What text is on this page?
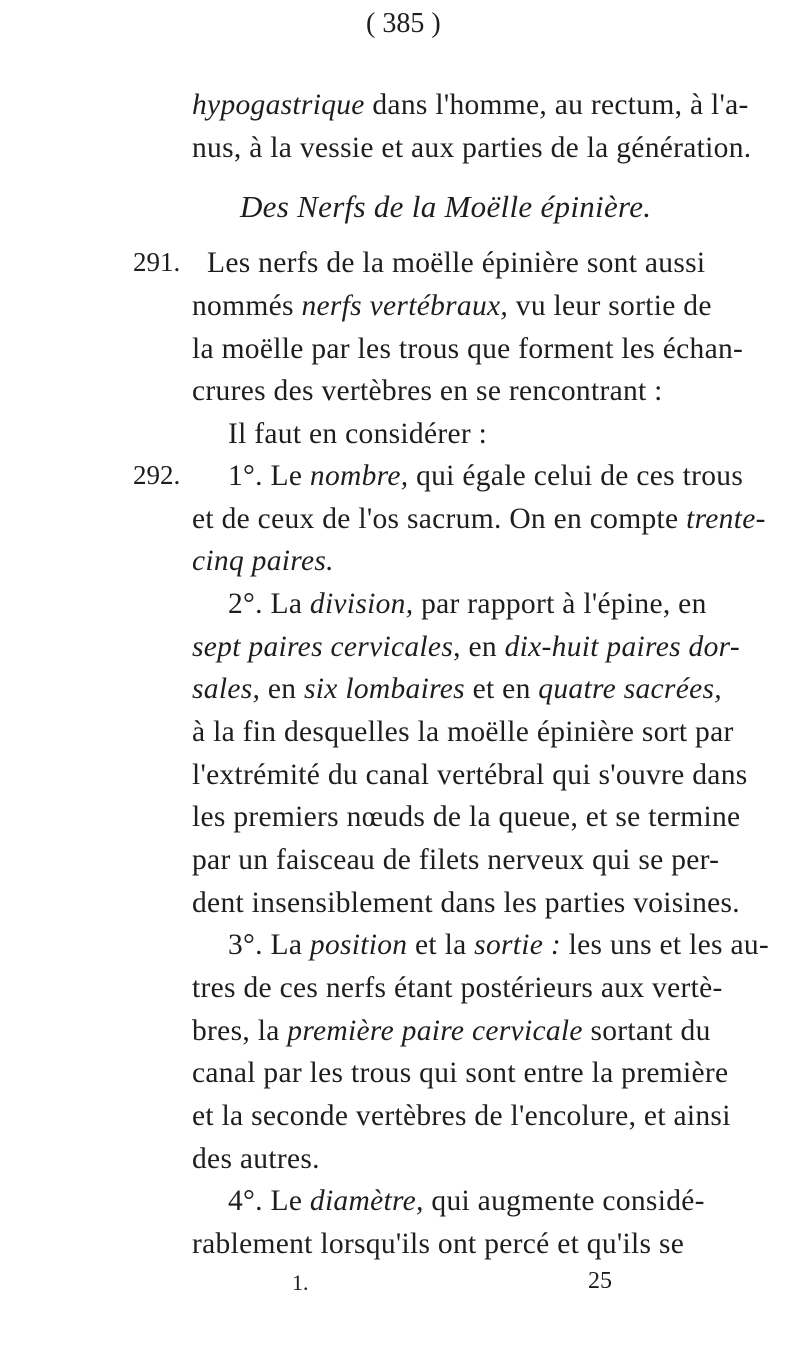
( 385 )
hypogastrique dans l'homme, au rectum, à l'a-
nus, à la vessie et aux parties de la génération.
Des Nerfs de la Moëlle épinière.
291. Les nerfs de la moëlle épinière sont aussi
nommés nerfs vertébraux, vu leur sortie de
la moëlle par les trous que forment les échan-
crures des vertèbres en se rencontrant :
Il faut en considérer :
292. 1°. Le nombre, qui égale celui de ces trous
et de ceux de l'os sacrum. On en compte trente-
cinq paires.
2°. La division, par rapport à l'épine, en
sept paires cervicales, en dix-huit paires dor-
sales, en six lombaires et en quatre sacrées,
à la fin desquelles la moëlle épinière sort par
l'extrémité du canal vertébral qui s'ouvre dans
les premiers nœuds de la queue, et se termine
par un faisceau de filets nerveux qui se per-
dent insensiblement dans les parties voisines.
3°. La position et la sortie : les uns et les au-
tres de ces nerfs étant postérieurs aux vertè-
bres, la première paire cervicale sortant du
canal par les trous qui sont entre la première
et la seconde vertèbres de l'encolure, et ainsi
des autres.
4°. Le diamètre, qui augmente considé-
rablement lorsqu'ils ont percé et qu'ils se
1.	25
